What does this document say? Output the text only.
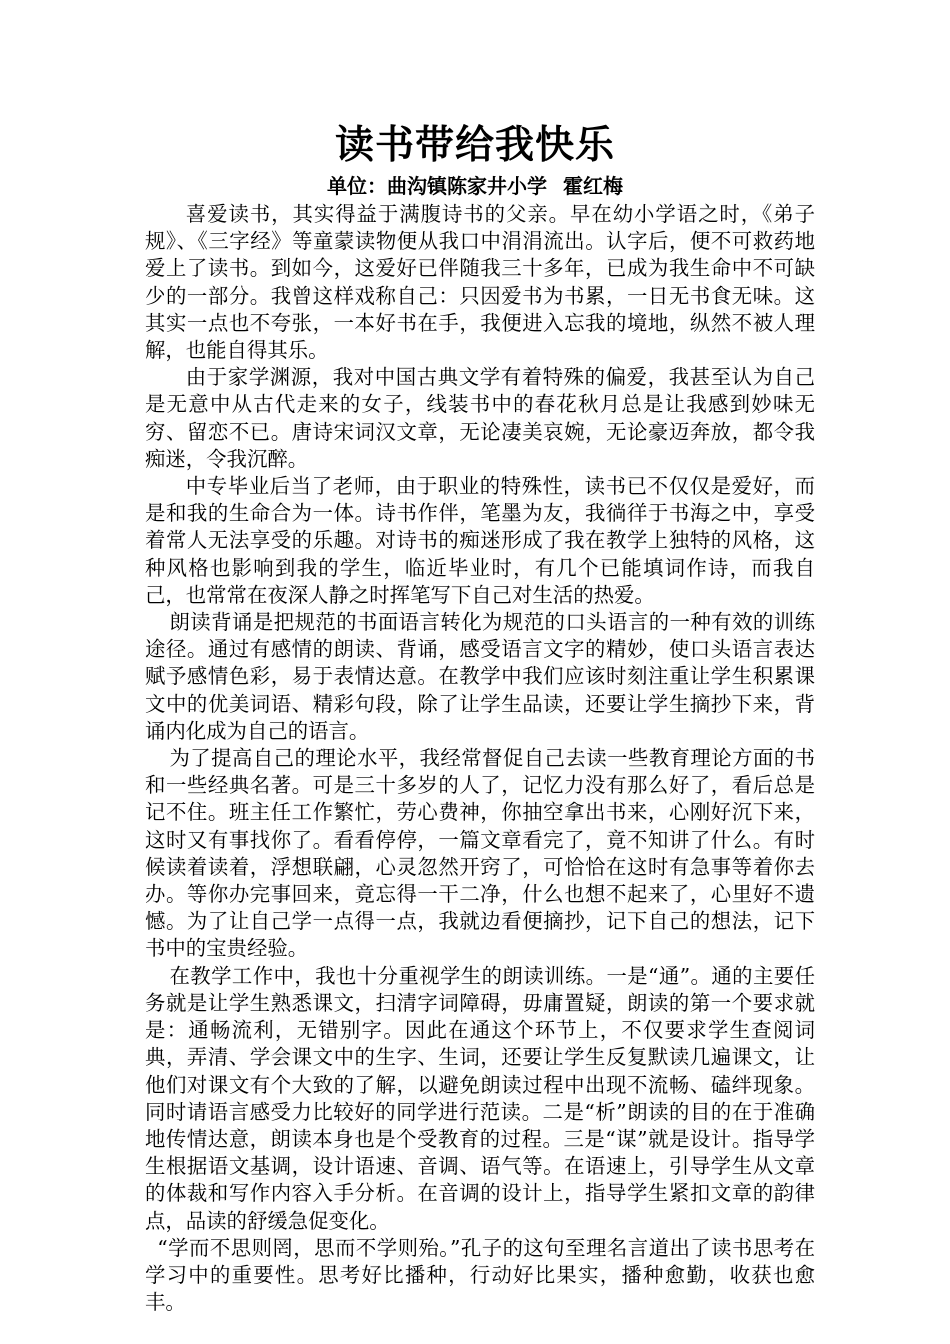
读书带给我快乐
单位：曲沟镇陈家井小学 霍红梅

喜爱读书，其实得益于满腹诗书的父亲。早在幼小学语之时，《弟子规》、《三字经》等童蒙读物便从我口中涓涓流出。认字后，便不可救药地爱上了读书。到如今，这爱好已伴随我三十多年，已成为我生命中不可缺少的一部分。我曾这样戏称自己：只因爱书为书累，一日无书食无味。这其实一点也不夸张，一本好书在手，我便进入忘我的境地，纵然不被人理解，也能自得其乐。

由于家学渊源，我对中国古典文学有着特殊的偏爱，我甚至认为自己是无意中从古代走来的女子，线装书中的春花秋月总是让我感到妙味无穷、留恋不已。唐诗宋词汉文章，无论凄美哀婉，无论豪迈奔放，都令我痴迷，令我沉醉。

中专毕业后当了老师，由于职业的特殊性，读书已不仅仅是爱好，而是和我的生命合为一体。诗书作伴，笔墨为友，我徜徉于书海之中，享受着常人无法享受的乐趣。对诗书的痴迷形成了我在教学上独特的风格，这种风格也影响到我的学生，临近毕业时，有几个已能填词作诗，而我自己，也常常在夜深人静之时挥笔写下自己对生活的热爱。

朗读背诵是把规范的书面语言转化为规范的口头语言的一种有效的训练途径。通过有感情的朗读、背诵，感受语言文字的精妙，使口头语言表达赋予感情色彩，易于表情达意。在教学中我们应该时刻注重让学生积累课文中的优美词语、精彩句段，除了让学生品读，还要让学生摘抄下来，背诵内化成为自己的语言。

为了提高自己的理论水平，我经常督促自己去读一些教育理论方面的书和一些经典名著。可是三十多岁的人了，记忆力没有那么好了，看后总是记不住。班主任工作繁忙，劳心费神，你抽空拿出书来，心刚好沉下来，这时又有事找你了。看看停停，一篇文章看完了，竟不知讲了什么。有时候读着读着，浮想联翩，心灵忽然开窍了，可恰恰在这时有急事等着你去办。等你办完事回来，竟忘得一干二净，什么也想不起来了，心里好不遗憾。为了让自己学一点得一点，我就边看便摘抄，记下自己的想法，记下书中的宝贵经验。

在教学工作中，我也十分重视学生的朗读训练。一是“通”。通的主要任务就是让学生熟悉课文，扫清字词障碍，毋庸置疑，朗读的第一个要求就是：通畅流利，无错别字。因此在通这个环节上，不仅要求学生查阅词典，弄清、学会课文中的生字、生词，还要让学生反复默读几遍课文，让他们对课文有个大致的了解，以避免朗读过程中出现不流畅、磕绊现象。同时请语言感受力比较好的同学进行范读。二是“析”朗读的目的在于准确地传情达意，朗读本身也是个受教育的过程。三是“谋”就是设计。指导学生根据语文基调，设计语速、音调、语气等。在语速上，引导学生从文章的体裁和写作内容入手分析。在音调的设计上，指导学生紧扣文章的韵律点，品读的舒缓急促变化。

“学而不思则罔，思而不学则殆。”孔子的这句至理名言道出了读书思考在学习中的重要性。思考好比播种，行动好比果实，播种愈勤，收获也愈丰。
